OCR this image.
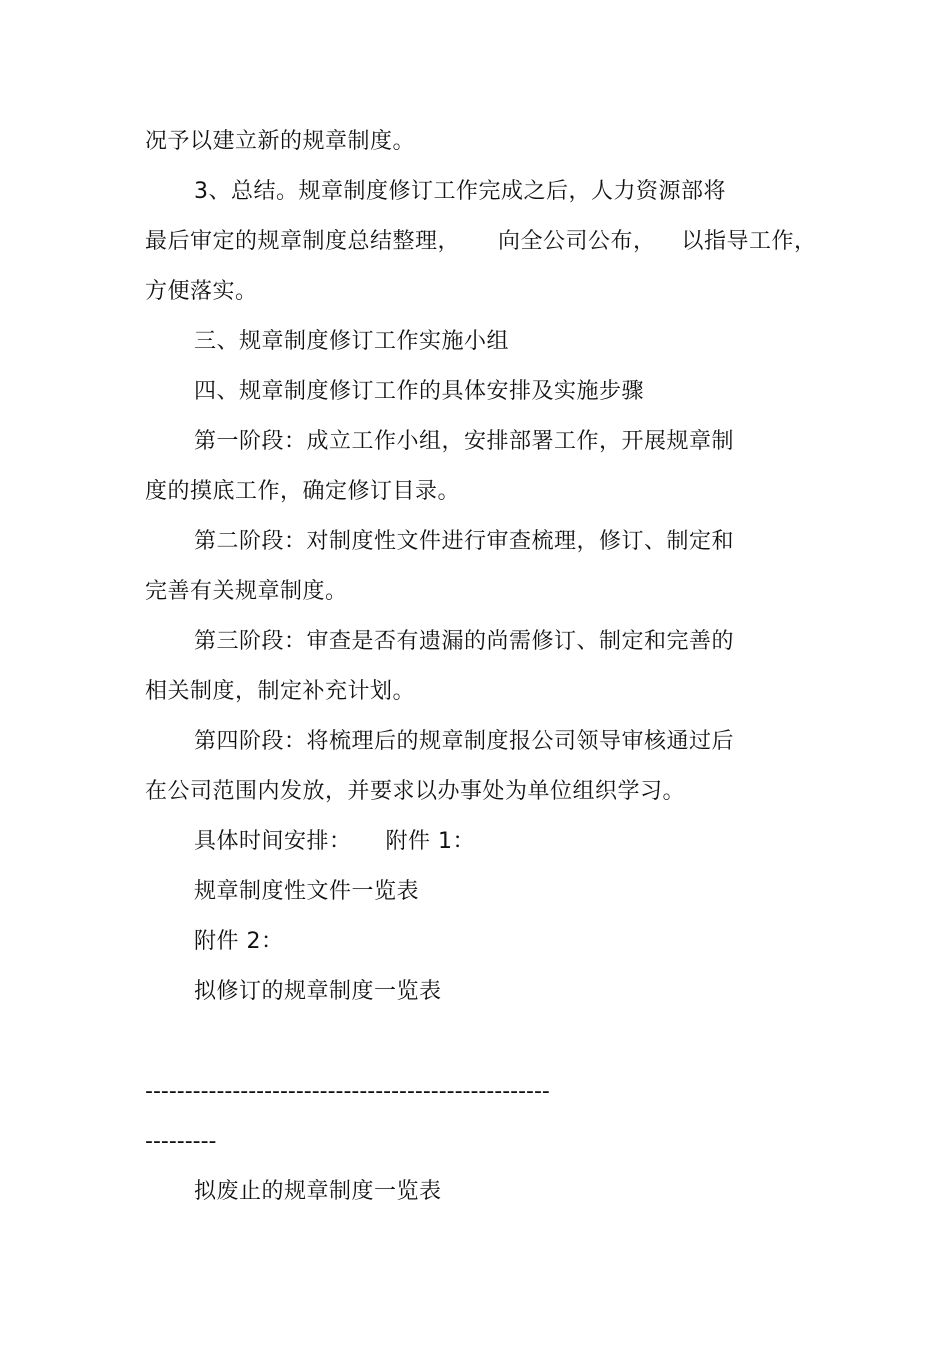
况予以建立新的规章制度。
3、总结。规章制度修订工作完成之后，人力资源部将
最后审定的规章制度总结整理， 向全公司公布， 以指导工作，
方便落实。
三、规章制度修订工作实施小组
四、规章制度修订工作的具体安排及实施步骤
第一阶段：成立工作小组，安排部署工作，开展规章制
度的摸底工作，确定修订目录。
第二阶段：对制度性文件进行审查梳理，修订、制定和
完善有关规章制度。
第三阶段：审查是否有遗漏的尚需修订、制定和完善的
相关制度，制定补充计划。
第四阶段：将梳理后的规章制度报公司领导审核通过后
在公司范围内发放，并要求以办事处为单位组织学习。
具体时间安排： 附件 1：
规章制度性文件一览表
附件 2：
拟修订的规章制度一览表
---------------------------------------------------
---------
拟废止的规章制度一览表
